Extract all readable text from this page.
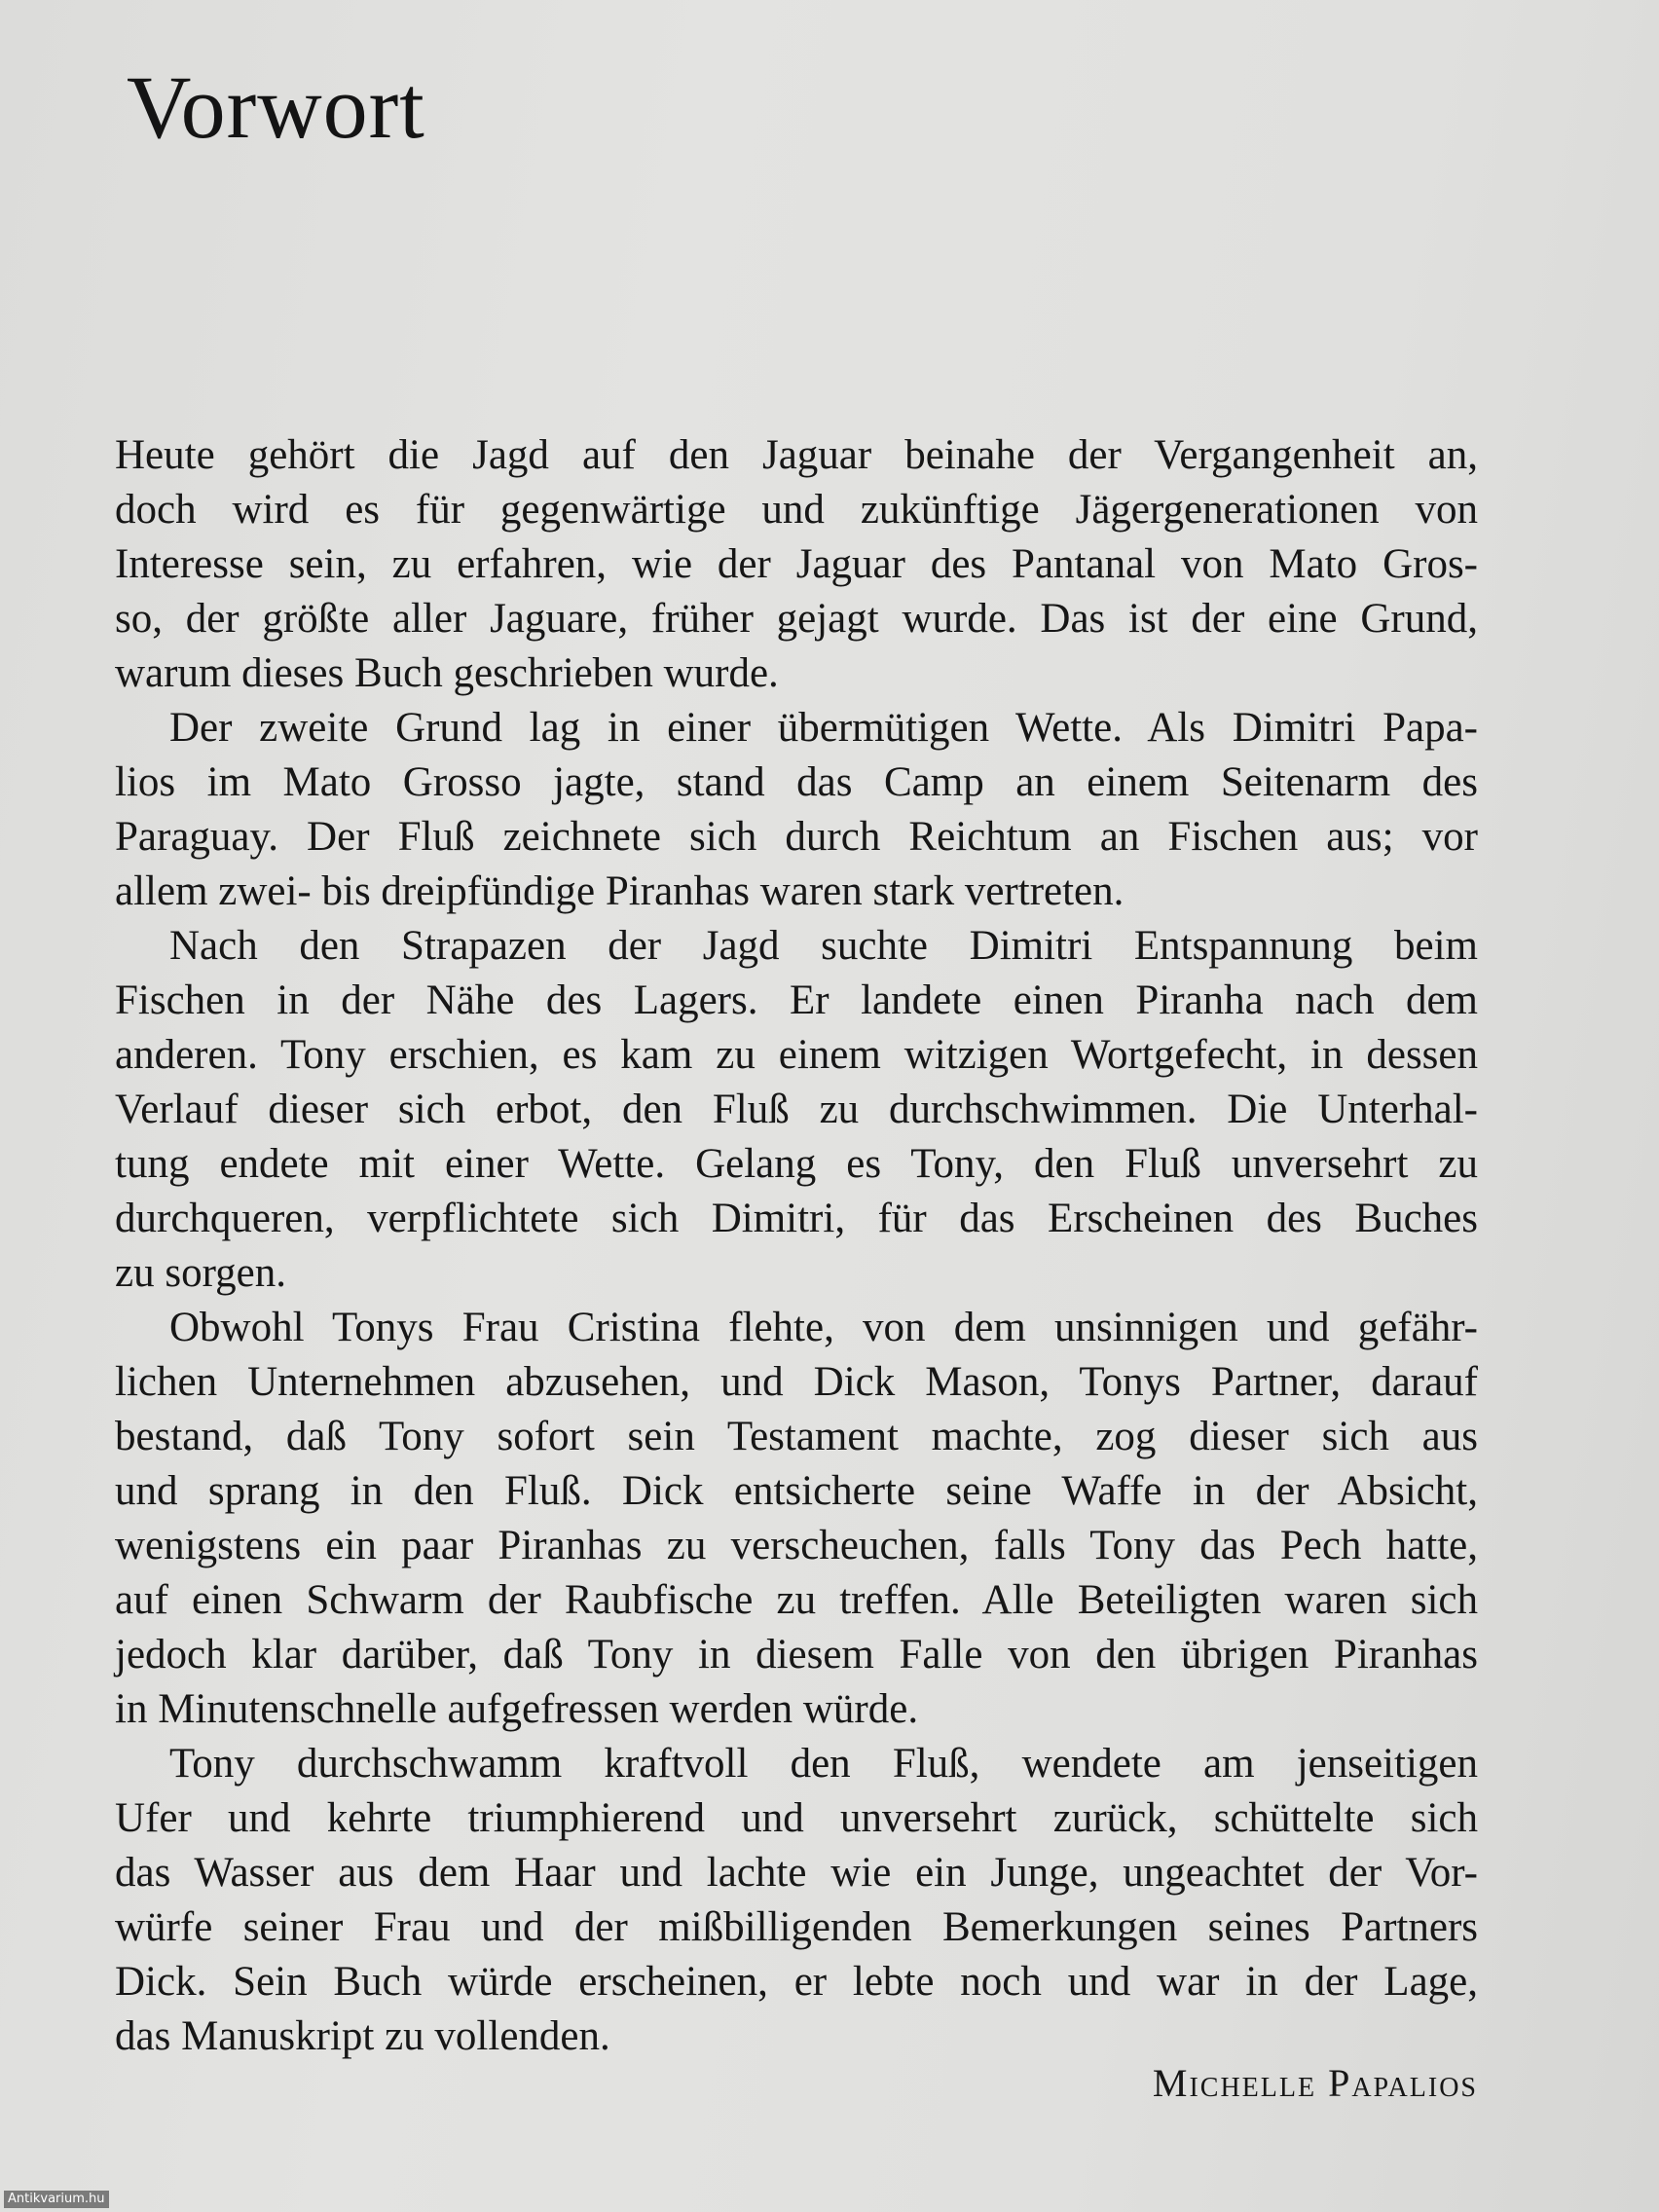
Vorwort
Heute gehört die Jagd auf den Jaguar beinahe der Vergangenheit an,
doch wird es für gegenwärtige und zukünftige Jägergenerationen von
Interesse sein, zu erfahren, wie der Jaguar des Pantanal von Mato Gros-
so, der größte aller Jaguare, früher gejagt wurde. Das ist der eine Grund,
warum dieses Buch geschrieben wurde.
Der zweite Grund lag in einer übermütigen Wette. Als Dimitri Papa-
lios im Mato Grosso jagte, stand das Camp an einem Seitenarm des
Paraguay. Der Fluß zeichnete sich durch Reichtum an Fischen aus; vor
allem zwei- bis dreipfündige Piranhas waren stark vertreten.
Nach den Strapazen der Jagd suchte Dimitri Entspannung beim
Fischen in der Nähe des Lagers. Er landete einen Piranha nach dem
anderen. Tony erschien, es kam zu einem witzigen Wortgefecht, in dessen
Verlauf dieser sich erbot, den Fluß zu durchschwimmen. Die Unterhal-
tung endete mit einer Wette. Gelang es Tony, den Fluß unversehrt zu
durchqueren, verpflichtete sich Dimitri, für das Erscheinen des Buches
zu sorgen.
Obwohl Tonys Frau Cristina flehte, von dem unsinnigen und gefähr-
lichen Unternehmen abzusehen, und Dick Mason, Tonys Partner, darauf
bestand, daß Tony sofort sein Testament machte, zog dieser sich aus
und sprang in den Fluß. Dick entsicherte seine Waffe in der Absicht,
wenigstens ein paar Piranhas zu verscheuchen, falls Tony das Pech hatte,
auf einen Schwarm der Raubfische zu treffen. Alle Beteiligten waren sich
jedoch klar darüber, daß Tony in diesem Falle von den übrigen Piranhas
in Minutenschnelle aufgefressen werden würde.
Tony durchschwamm kraftvoll den Fluß, wendete am jenseitigen
Ufer und kehrte triumphierend und unversehrt zurück, schüttelte sich
das Wasser aus dem Haar und lachte wie ein Junge, ungeachtet der Vor-
würfe seiner Frau und der mißbilligenden Bemerkungen seines Partners
Dick. Sein Buch würde erscheinen, er lebte noch und war in der Lage,
das Manuskript zu vollenden.
Michelle Papalios
Antikvarium.hu
